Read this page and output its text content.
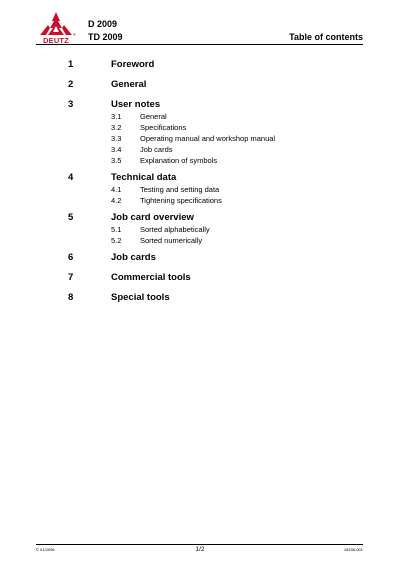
DEUTZ
®
D 2009
TD 2009	Table of contents
1	Foreword
2	General
3	User notes
3.1 General
3.2 Specifications
3.3 Operating manual and workshop manual
3.4 Job cards
3.5 Explanation of symbols
4	Technical data
4.1 Testing and setting data
4.2 Tightening specifications
5	Job card overview
5.1 Sorted alphabetically
5.2 Sorted numerically
6	Job cards
7	Commercial tools
8	Special tools
© 01/2006	1/2	16336-001
